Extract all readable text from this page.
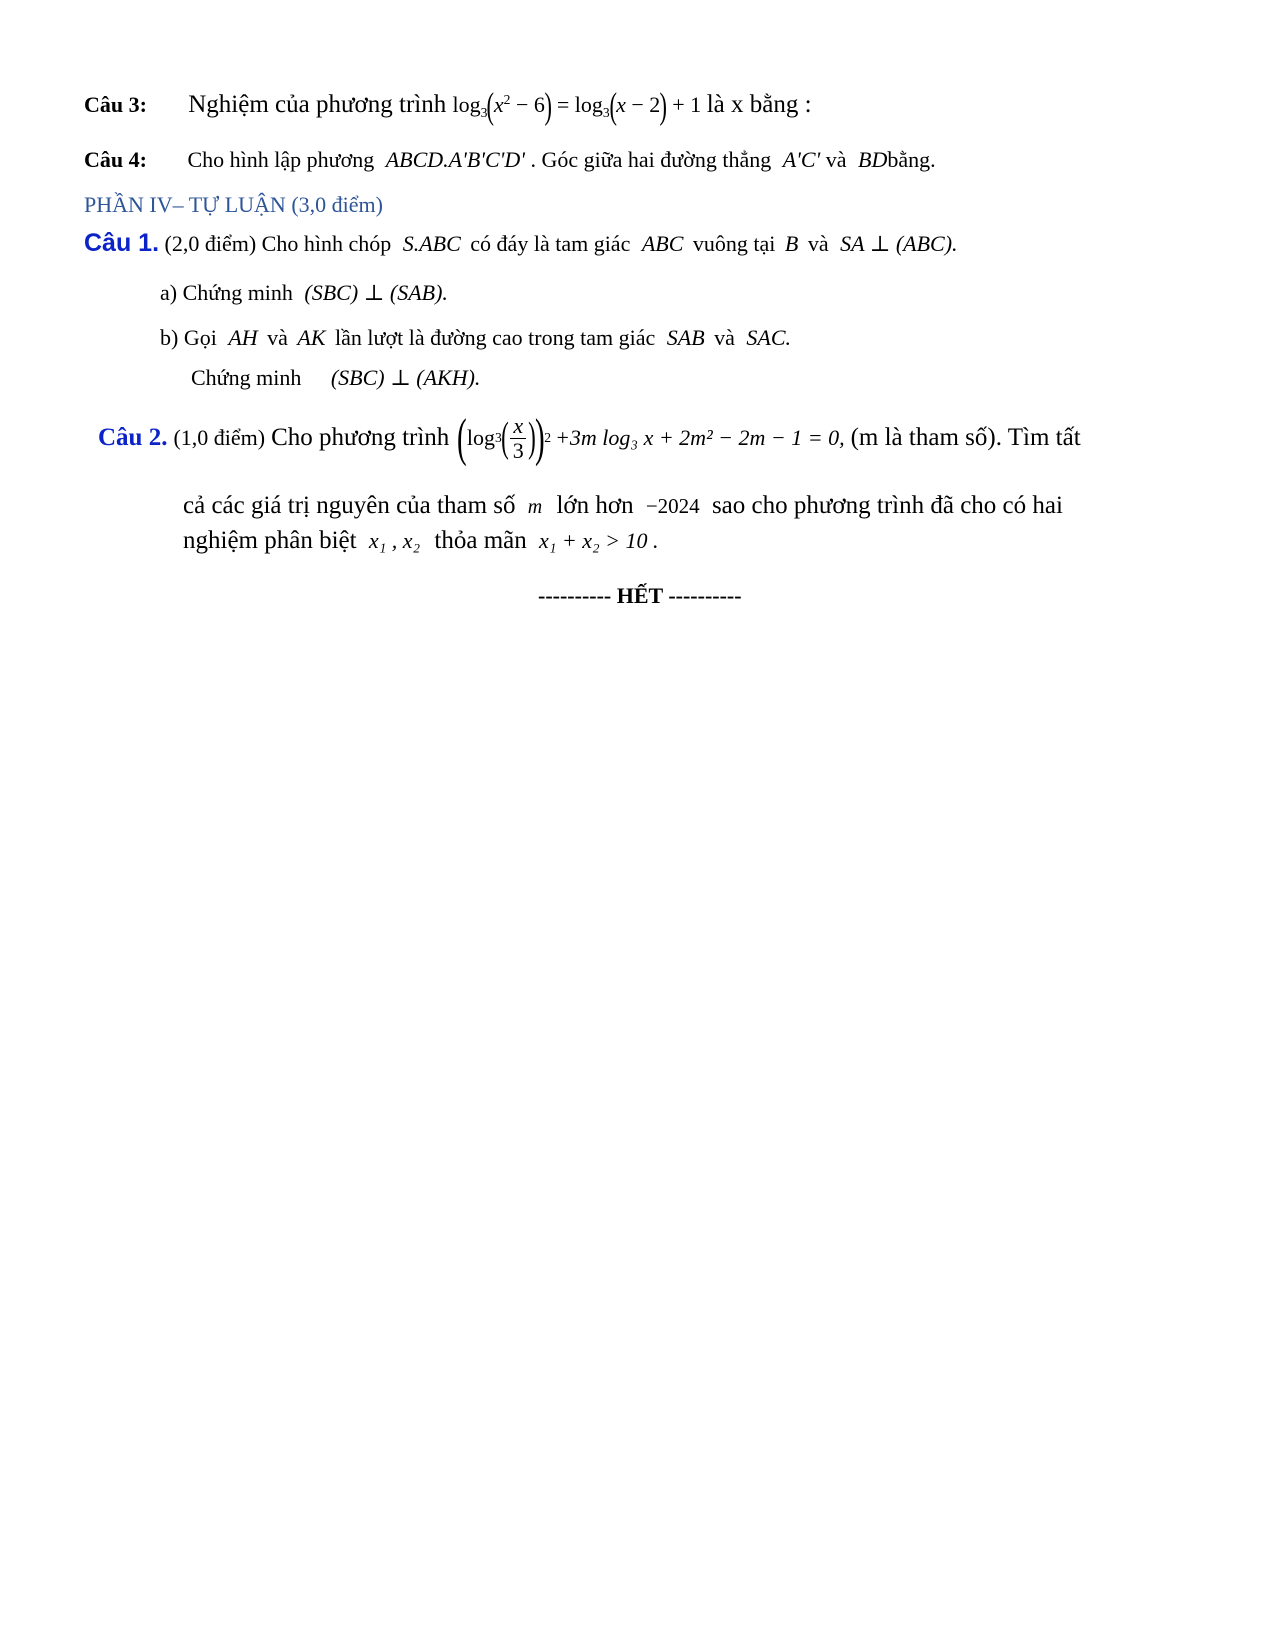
Câu 3: Nghiệm của phương trình $\log_3(x^2 - 6) = \log_3(x - 2) + 1$ là x bằng :
Câu 4: Cho hình lập phương ABCD.A'B'C'D' . Góc giữa hai đường thẳng A'C' và BDbằng.
PHẦN IV– TỰ LUẬN (3,0 điểm)
Câu 1. (2,0 điểm) Cho hình chóp S.ABC có đáy là tam giác ABC vuông tại B và SA ⊥ (ABC).
a) Chứng minh (SBC) ⊥ (SAB).
b) Gọi AH và AK lần lượt là đường cao trong tam giác SAB và SAC.
Chứng minh (SBC) ⊥ (AKH).
Câu 2. (1,0 điểm) Cho phương trình ( log 3 ( $\frac{x}{3}$ ) ) 2 +3m log₃ x + 2m² − 2m − 1 = 0, (m là tham số). Tìm tất
cả các giá trị nguyên của tham số m lớn hơn −2024 sao cho phương trình đã cho có hai
nghiệm phân biệt x₁ , x₂ thỏa mãn x₁ + x₂ > 10 .
---------- HẾT ----------
